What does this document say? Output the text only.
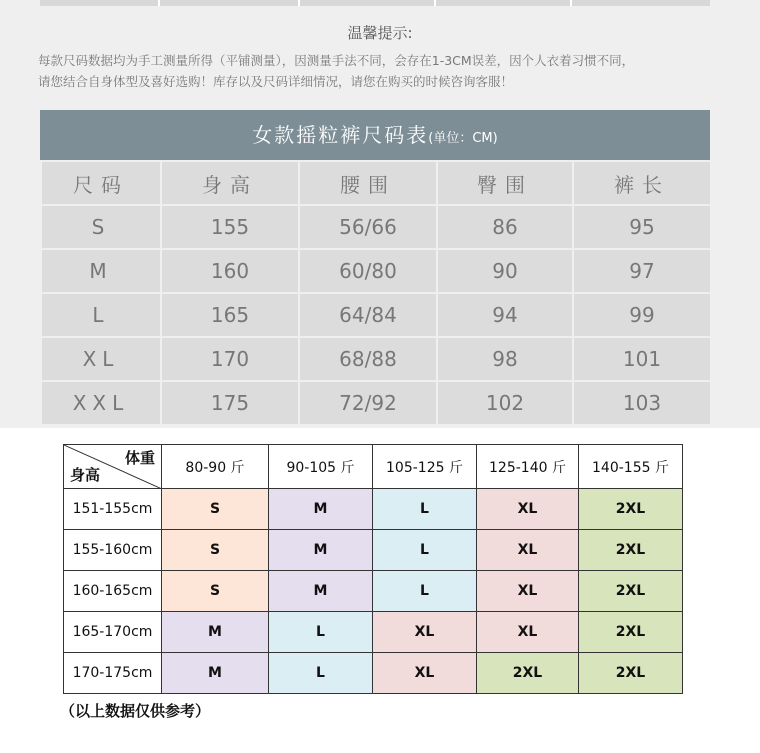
温馨提示:
每款尺码数据均为手工测量所得（平铺测量），因测量手法不同，会存在1-3CM误差，因个人衣着习惯不同，
请您结合自身体型及喜好选购！库存以及尺码详细情况，请您在购买的时候咨询客服！
女款摇粒裤尺码表(单位：CM)
尺码	身高	腰围	臀围	裤长
S	155	56/66	86	95
M	160	60/80	90	97
L	165	64/84	94	99
XL	170	68/88	98	101
XXL	175	72/92	102	103
体重
身高	80-90 斤	90-105 斤	105-125 斤	125-140 斤	140-155 斤
151-155cm	S	M	L	XL	2XL
155-160cm	S	M	L	XL	2XL
160-165cm	S	M	L	XL	2XL
165-170cm	M	L	XL	XL	2XL
170-175cm	M	L	XL	2XL	2XL
（以上数据仅供参考）
